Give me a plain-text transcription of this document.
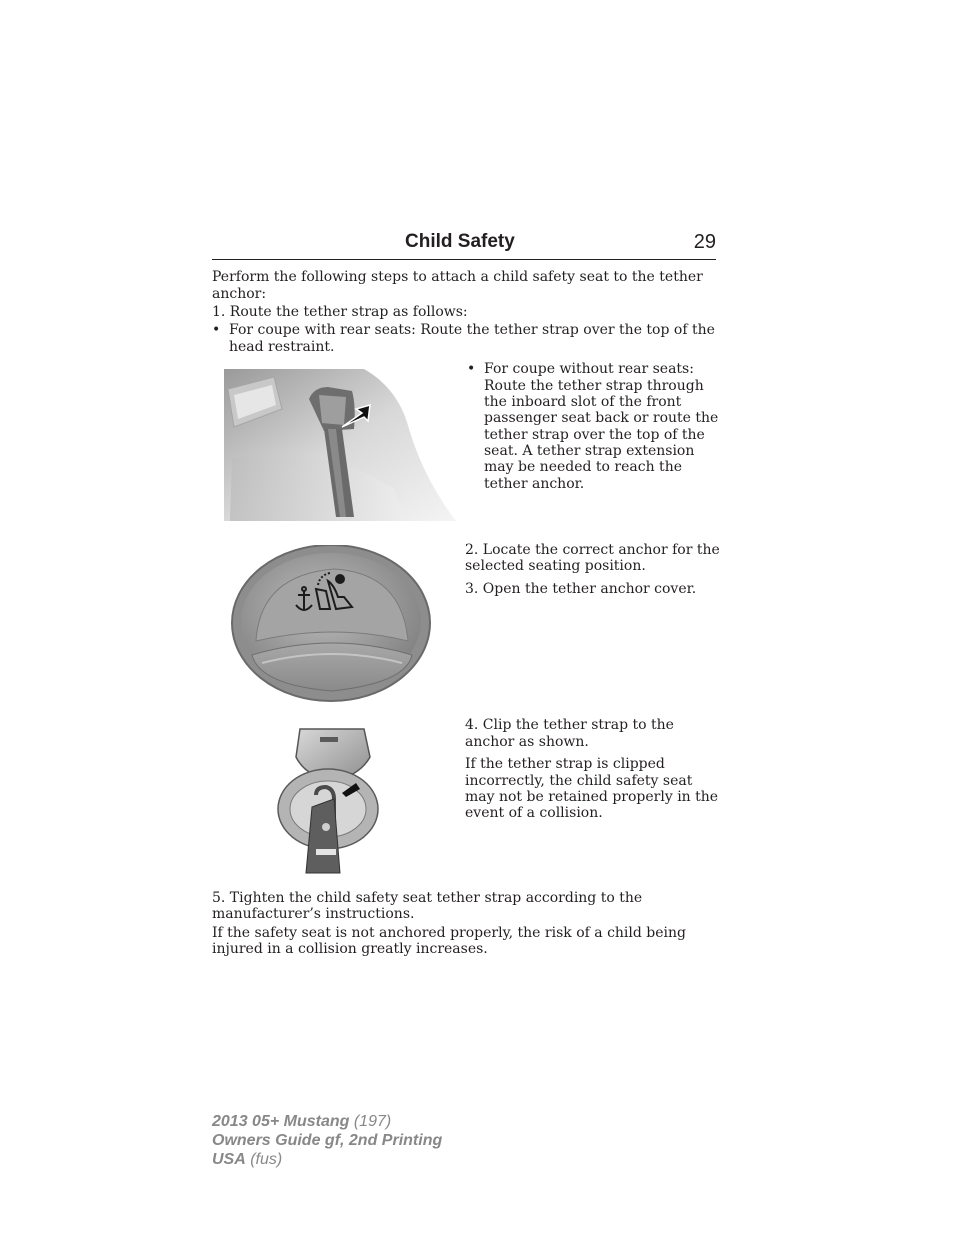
Child Safety	29

Perform the following steps to attach a child safety seat to the tether

anchor:

1. Route the tether strap as follows:

• For coupe with rear seats: Route the tether strap over the top of the

head restraint.

• For coupe without rear seats:

Route the tether strap through

the inboard slot of the front

passenger seat back or route the

tether strap over the top of the

seat. A tether strap extension

may be needed to reach the

tether anchor.

2. Locate the correct anchor for the

selected seating position.

3. Open the tether anchor cover.

4. Clip the tether strap to the

anchor as shown.

If the tether strap is clipped

incorrectly, the child safety seat

may not be retained properly in the

event of a collision.

5. Tighten the child safety seat tether strap according to the

manufacturer’s instructions.

If the safety seat is not anchored properly, the risk of a child being

injured in a collision greatly increases.

2013 05+ Mustang (197)
Owners Guide gf, 2nd Printing
USA (fus)
